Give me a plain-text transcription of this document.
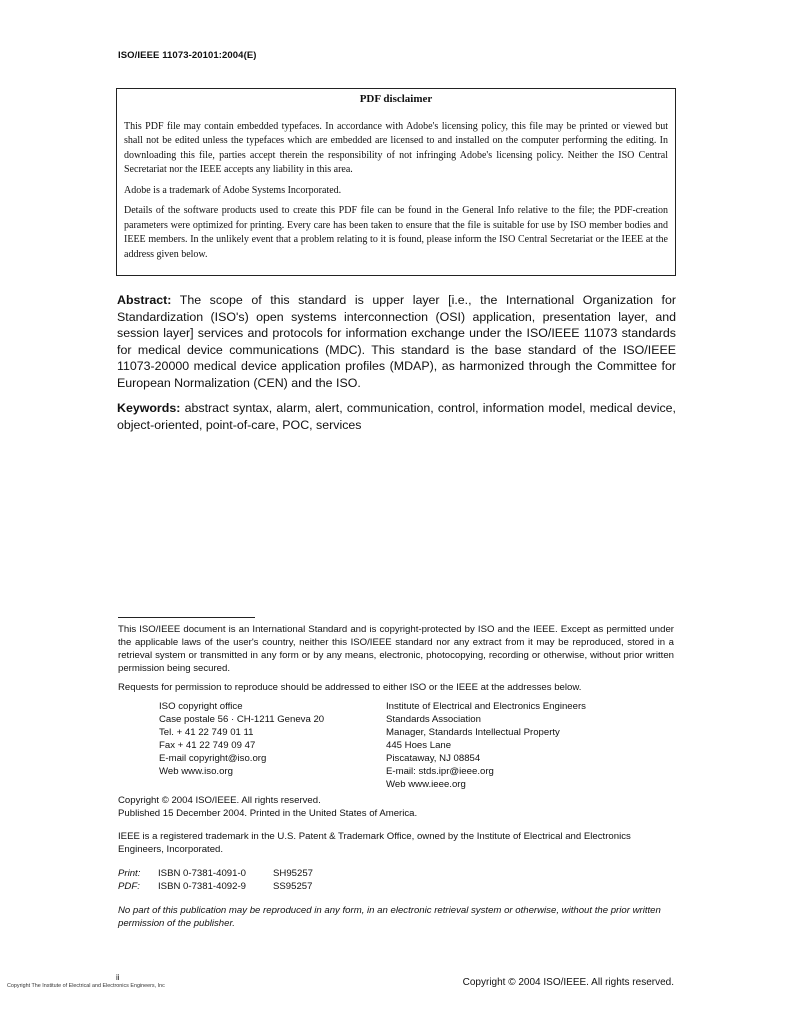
ISO/IEEE 11073-20101:2004(E)
PDF disclaimer

This PDF file may contain embedded typefaces. In accordance with Adobe's licensing policy, this file may be printed or viewed but shall not be edited unless the typefaces which are embedded are licensed to and installed on the computer performing the editing. In downloading this file, parties accept therein the responsibility of not infringing Adobe's licensing policy. Neither the ISO Central Secretariat nor the IEEE accepts any liability in this area.

Adobe is a trademark of Adobe Systems Incorporated.

Details of the software products used to create this PDF file can be found in the General Info relative to the file; the PDF-creation parameters were optimized for printing. Every care has been taken to ensure that the file is suitable for use by ISO member bodies and IEEE members. In the unlikely event that a problem relating to it is found, please inform the ISO Central Secretariat or the IEEE at the address given below.

Abstract: The scope of this standard is upper layer [i.e., the International Organization for Standardization (ISO's) open systems interconnection (OSI) application, presentation layer, and session layer] services and protocols for information exchange under the ISO/IEEE 11073 standards for medical device communications (MDC). This standard is the base standard of the ISO/IEEE 11073-20000 medical device application profiles (MDAP), as harmonized through the Committee for European Normalization (CEN) and the ISO.
Keywords: abstract syntax, alarm, alert, communication, control, information model, medical device, object-oriented, point-of-care, POC, services
This ISO/IEEE document is an International Standard and is copyright-protected by ISO and the IEEE. Except as permitted under the applicable laws of the user's country, neither this ISO/IEEE standard nor any extract from it may be reproduced, stored in a retrieval system or transmitted in any form or by any means, electronic, photocopying, recording or otherwise, without prior written permission being secured.
Requests for permission to reproduce should be addressed to either ISO or the IEEE at the addresses below.
ISO copyright office
Case postale 56 · CH-1211 Geneva 20
Tel. + 41 22 749 01 11
Fax + 41 22 749 09 47
E-mail copyright@iso.org
Web www.iso.org
Institute of Electrical and Electronics Engineers
Standards Association
Manager, Standards Intellectual Property
445 Hoes Lane
Piscataway, NJ 08854
E-mail: stds.ipr@ieee.org
Web www.ieee.org
Copyright © 2004 ISO/IEEE. All rights reserved.
Published 15 December 2004. Printed in the United States of America.
IEEE is a registered trademark in the U.S. Patent & Trademark Office, owned by the Institute of Electrical and Electronics Engineers, Incorporated.
Print:	ISBN 0-7381-4091-0	SH95257
PDF:	ISBN 0-7381-4092-9	SS95257
No part of this publication may be reproduced in any form, in an electronic retrieval system or otherwise, without the prior written permission of the publisher.
ii
Copyright The Institute of Electrical and Electronics Engineers, Inc	Copyright © 2004 ISO/IEEE. All rights reserved.
